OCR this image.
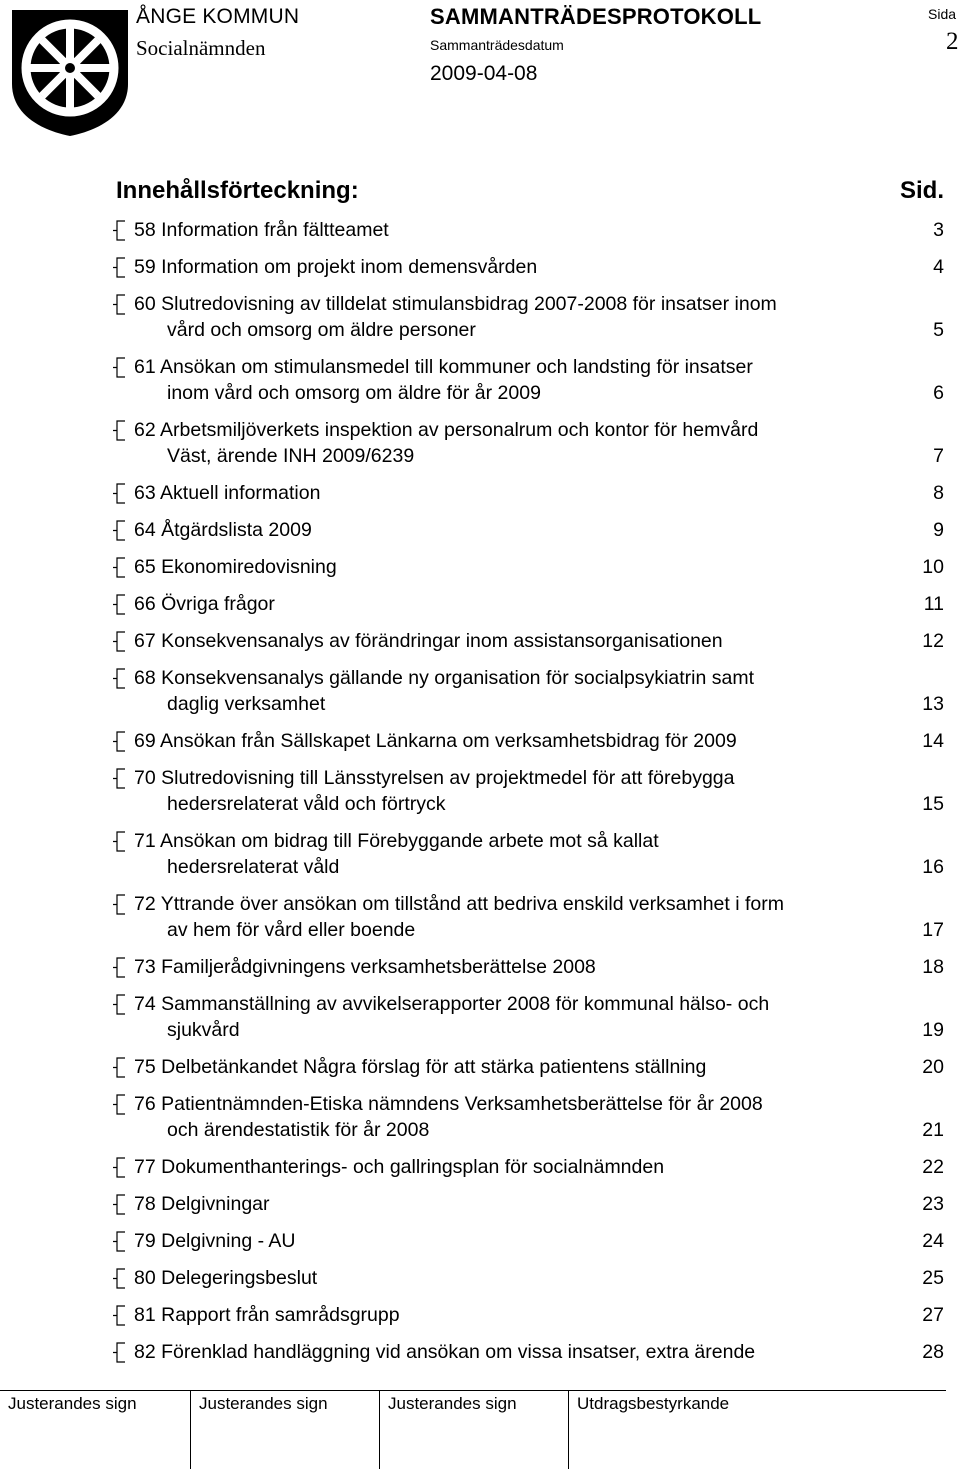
ÅNGE KOMMUN
Socialnämnden
SAMMANTRÄDESPROTOKOLL
Sammanträdesdatum
2009-04-08
Sida
2
Innehållsförteckning:	Sid.
58 Information från fältteamet	3
59 Information om projekt inom demensvården	4
60 Slutredovisning av tilldelat stimulansbidrag 2007-2008 för insatser inom

vård och omsorg om äldre personer	5
61 Ansökan om stimulansmedel till kommuner och landsting för insatser

inom vård och omsorg om äldre för år 2009	6
62 Arbetsmiljöverkets inspektion av personalrum och kontor för hemvård

Väst, ärende INH 2009/6239	7
63 Aktuell information	8
64 Åtgärdslista 2009	9
65 Ekonomiredovisning	10
66 Övriga frågor	11
67 Konsekvensanalys av förändringar inom assistansorganisationen	12
68 Konsekvensanalys gällande ny organisation för socialpsykiatrin samt

daglig verksamhet	13
69 Ansökan från Sällskapet Länkarna om verksamhetsbidrag för 2009	14
70 Slutredovisning till Länsstyrelsen av projektmedel för att förebygga

hedersrelaterat våld och förtryck	15
71 Ansökan om bidrag till Förebyggande arbete mot så kallat

hedersrelaterat våld	16
72 Yttrande över ansökan om tillstånd att bedriva enskild verksamhet i form

av hem för vård eller boende	17
73 Familjerådgivningens verksamhetsberättelse 2008	18
74 Sammanställning av avvikelserapporter 2008 för kommunal hälso- och

sjukvård	19
75 Delbetänkandet Några förslag för att stärka patientens ställning	20
76 Patientnämnden-Etiska nämndens Verksamhetsberättelse för år 2008

och ärendestatistik för år 2008	21
77 Dokumenthanterings- och gallringsplan för socialnämnden	22
78 Delgivningar	23
79 Delgivning - AU	24
80 Delegeringsbeslut	25
81 Rapport från samrådsgrupp	27
82 Förenklad handläggning vid ansökan om vissa insatser, extra ärende	28
Justerandes sign	Justerandes sign	Justerandes sign	Utdragsbestyrkande
